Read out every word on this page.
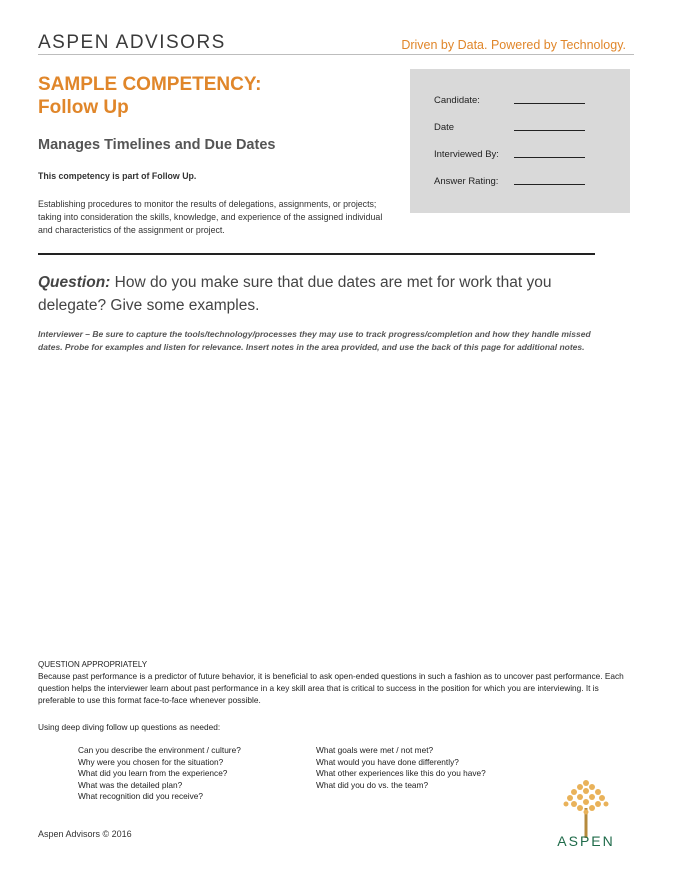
ASPEN ADVISORS	Driven by Data. Powered by Technology.
SAMPLE COMPETENCY:
Follow Up
Manages Timelines and Due Dates
This competency is part of Follow Up.
Establishing procedures to monitor the results of delegations, assignments, or projects; taking into consideration the skills, knowledge, and experience of the assigned individual and characteristics of the assignment or project.
Candidate:
Date
Interviewed By:
Answer Rating:
Question: How do you make sure that due dates are met for work that you delegate? Give some examples.
Interviewer – Be sure to capture the tools/technology/processes they may use to track progress/completion and how they handle missed dates. Probe for examples and listen for relevance. Insert notes in the area provided, and use the back of this page for additional notes.
QUESTION APPROPRIATELY
Because past performance is a predictor of future behavior, it is beneficial to ask open-ended questions in such a fashion as to uncover past performance. Each question helps the interviewer learn about past performance in a key skill area that is critical to success in the position for which you are interviewing. It is preferable to use this format face-to-face whenever possible.
Using deep diving follow up questions as needed:
Can you describe the environment / culture?
Why were you chosen for the situation?
What did you learn from the experience?
What was the detailed plan?
What recognition did you receive?
What goals were met / not met?
What would you have done differently?
What other experiences like this do you have?
What did you do vs. the team?
Aspen Advisors © 2016	ASPEN
